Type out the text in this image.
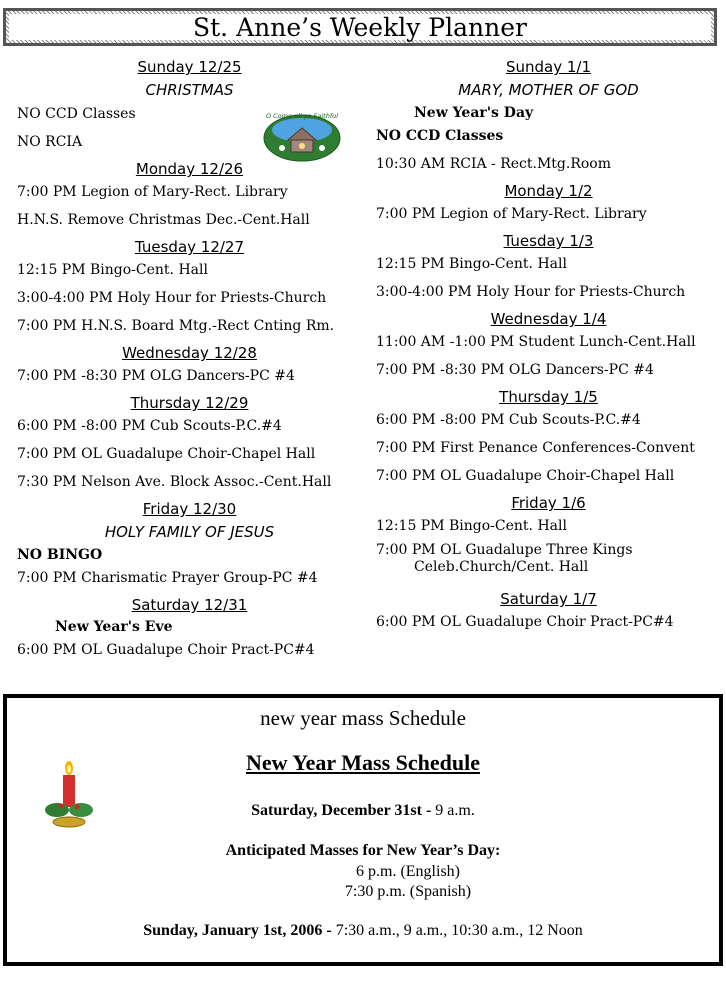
St. Anne’s Weekly Planner
Sunday 12/25
CHRISTMAS
NO CCD Classes
NO RCIA
Monday 12/26
7:00 PM Legion of Mary-Rect. Library
H.N.S. Remove Christmas Dec.-Cent.Hall
Tuesday 12/27
12:15 PM Bingo-Cent. Hall
3:00-4:00 PM Holy Hour for Priests-Church
7:00 PM H.N.S. Board Mtg.-Rect Cnting Rm.
Wednesday 12/28
7:00 PM -8:30 PM OLG Dancers-PC #4
Thursday 12/29
6:00 PM -8:00 PM Cub Scouts-P.C.#4
7:00 PM OL Guadalupe Choir-Chapel Hall
7:30 PM Nelson Ave. Block Assoc.-Cent.Hall
Friday 12/30
HOLY FAMILY OF JESUS
NO BINGO
7:00 PM Charismatic Prayer Group-PC #4
Saturday 12/31
New Year's Eve
6:00 PM OL Guadalupe Choir Pract-PC#4
O Come all ye Faithful
Sunday 1/1
MARY, MOTHER OF GOD
New Year's Day
NO CCD Classes
10:30 AM RCIA - Rect.Mtg.Room
Monday 1/2
7:00 PM Legion of Mary-Rect. Library
Tuesday 1/3
12:15 PM Bingo-Cent. Hall
3:00-4:00 PM Holy Hour for Priests-Church
Wednesday 1/4
11:00 AM -1:00 PM Student Lunch-Cent.Hall
7:00 PM -8:30 PM OLG Dancers-PC #4
Thursday 1/5
6:00 PM -8:00 PM Cub Scouts-P.C.#4
7:00 PM First Penance Conferences-Convent
7:00 PM OL Guadalupe Choir-Chapel Hall
Friday 1/6
12:15 PM Bingo-Cent. Hall
7:00 PM OL Guadalupe Three Kings
Celeb.Church/Cent. Hall
Saturday 1/7
6:00 PM OL Guadalupe Choir Pract-PC#4
new year mass Schedule
New Year Mass Schedule
Saturday, December 31st - 9 a.m.
Anticipated Masses for New Year’s Day:
6 p.m. (English)
7:30 p.m. (Spanish)
Sunday, January 1st, 2006 - 7:30 a.m., 9 a.m., 10:30 a.m., 12 Noon
